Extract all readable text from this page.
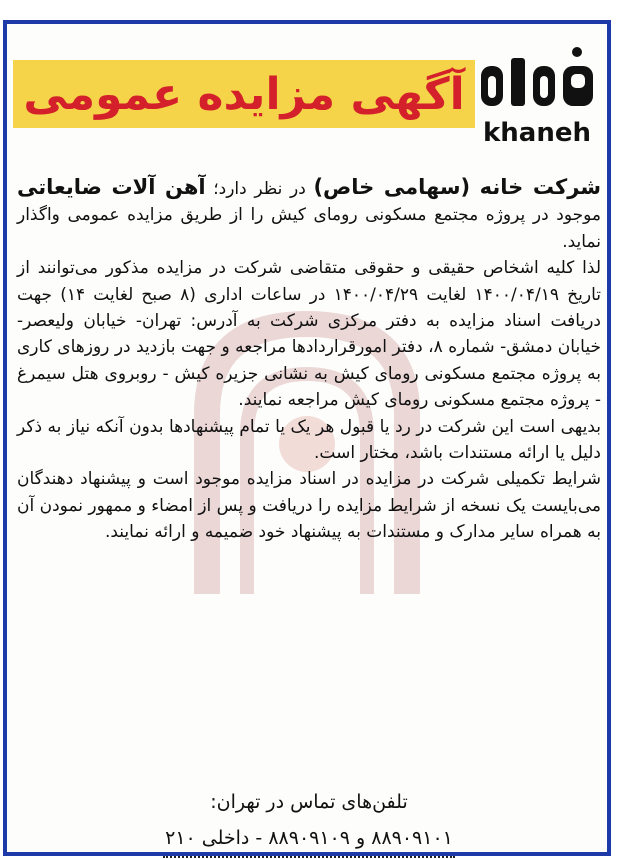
آگهی مزایده عمومی
khaneh

شرکت خانه (سهامی خاص) در نظر دارد؛ آهن آلات ضایعاتی موجود در پروژه مجتمع مسکونی رومای کیش را از طریق مزایده عمومی واگذار نماید.

لذا کلیه اشخاص حقیقی و حقوقی متقاضی شرکت در مزایده مذکور می‌توانند از تاریخ ۱۴۰۰/۰۴/۱۹ لغایت ۱۴۰۰/۰۴/۲۹ در ساعات اداری (۸ صبح لغایت ۱۴) جهت دریافت اسناد مزایده به دفتر مرکزی شرکت به آدرس: تهران- خیابان ولیعصر- خیابان دمشق- شماره ۸، دفتر امورقراردادها مراجعه و جهت بازدید در روزهای کاری به پروژه مجتمع مسکونی رومای کیش به نشانی جزیره کیش - روبروی هتل سیمرغ - پروژه مجتمع مسکونی رومای کیش مراجعه نمایند.

بدیهی است این شرکت در رد یا قبول هر یک یا تمام پیشنهادها بدون آنکه نیاز به ذکر دلیل یا ارائه مستندات باشد، مختار است.

شرایط تکمیلی شرکت در مزایده در اسناد مزایده موجود است و پیشنهاد دهندگان می‌بایست یک نسخه از شرایط مزایده را دریافت و پس از امضاء و ممهور نمودن آن به همراه سایر مدارک و مستندات به پیشنهاد خود ضمیمه و ارائه نمایند.

تلفن‌های تماس در تهران:
۸۸۹۰۹۱۰۱ و ۸۸۹۰۹۱۰۹ - داخلی ۲۱۰
